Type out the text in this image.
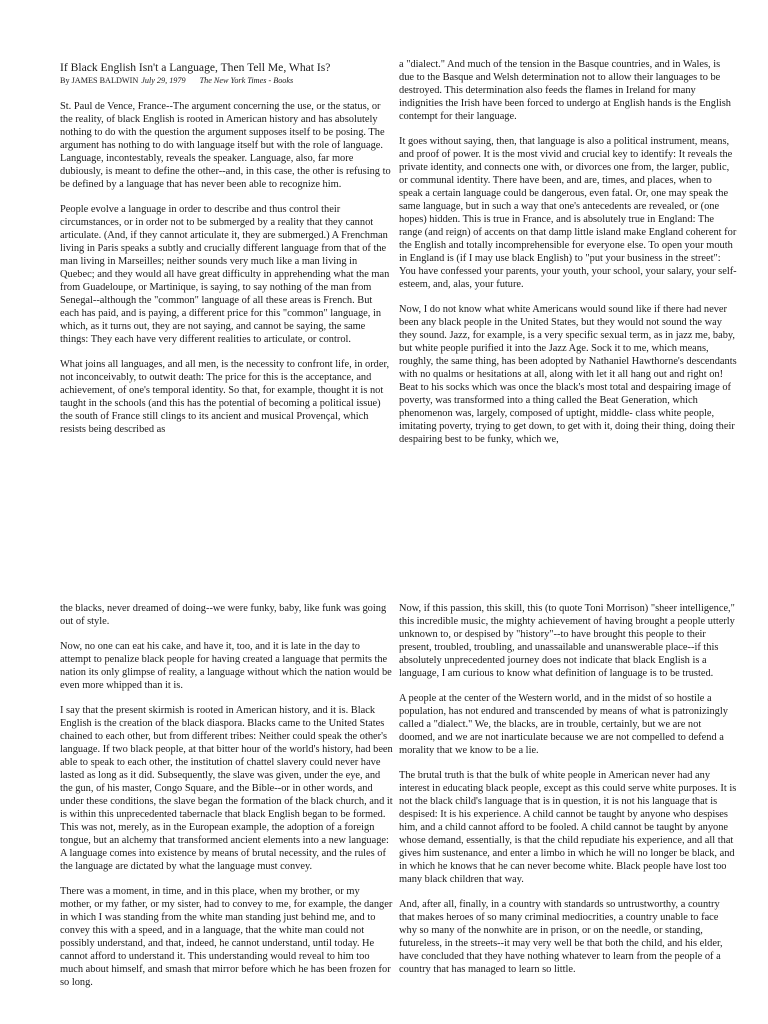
If Black English Isn't a Language, Then Tell Me, What Is?
By JAMES BALDWIN July 29, 1979 The New York Times - Books

St. Paul de Vence, France--The argument concerning the use, or the status, or the reality, of black English is rooted in American history and has absolutely nothing to do with the question the argument supposes itself to be posing. The argument has nothing to do with language itself but with the role of language. Language, incontestably, reveals the speaker. Language, also, far more dubiously, is meant to define the other--and, in this case, the other is refusing to be defined by a language that has never been able to recognize him.

People evolve a language in order to describe and thus control their circumstances, or in order not to be submerged by a reality that they cannot articulate. (And, if they cannot articulate it, they are submerged.) A Frenchman living in Paris speaks a subtly and crucially different language from that of the man living in Marseilles; neither sounds very much like a man living in Quebec; and they would all have great difficulty in apprehending what the man from Guadeloupe, or Martinique, is saying, to say nothing of the man from Senegal--although the "common" language of all these areas is French. But each has paid, and is paying, a different price for this "common" language, in which, as it turns out, they are not saying, and cannot be saying, the same things: They each have very different realities to articulate, or control.

What joins all languages, and all men, is the necessity to confront life, in order, not inconceivably, to outwit death: The price for this is the acceptance, and achievement, of one's temporal identity. So that, for example, thought it is not taught in the schools (and this has the potential of becoming a political issue) the south of France still clings to its ancient and musical Provençal, which resists being described as

a "dialect." And much of the tension in the Basque countries, and in Wales, is due to the Basque and Welsh determination not to allow their languages to be destroyed. This determination also feeds the flames in Ireland for many indignities the Irish have been forced to undergo at English hands is the English contempt for their language.

It goes without saying, then, that language is also a political instrument, means, and proof of power. It is the most vivid and crucial key to identify: It reveals the private identity, and connects one with, or divorces one from, the larger, public, or communal identity. There have been, and are, times, and places, when to speak a certain language could be dangerous, even fatal. Or, one may speak the same language, but in such a way that one's antecedents are revealed, or (one hopes) hidden. This is true in France, and is absolutely true in England: The range (and reign) of accents on that damp little island make England coherent for the English and totally incomprehensible for everyone else. To open your mouth in England is (if I may use black English) to "put your business in the street": You have confessed your parents, your youth, your school, your salary, your self-esteem, and, alas, your future.

Now, I do not know what white Americans would sound like if there had never been any black people in the United States, but they would not sound the way they sound. Jazz, for example, is a very specific sexual term, as in jazz me, baby, but white people purified it into the Jazz Age. Sock it to me, which means, roughly, the same thing, has been adopted by Nathaniel Hawthorne's descendants with no qualms or hesitations at all, along with let it all hang out and right on! Beat to his socks which was once the black's most total and despairing image of poverty, was transformed into a thing called the Beat Generation, which phenomenon was, largely, composed of uptight, middle- class white people, imitating poverty, trying to get down, to get with it, doing their thing, doing their despairing best to be funky, which we,

the blacks, never dreamed of doing--we were funky, baby, like funk was going out of style.

Now, no one can eat his cake, and have it, too, and it is late in the day to attempt to penalize black people for having created a language that permits the nation its only glimpse of reality, a language without which the nation would be even more whipped than it is.

I say that the present skirmish is rooted in American history, and it is. Black English is the creation of the black diaspora. Blacks came to the United States chained to each other, but from different tribes: Neither could speak the other's language. If two black people, at that bitter hour of the world's history, had been able to speak to each other, the institution of chattel slavery could never have lasted as long as it did. Subsequently, the slave was given, under the eye, and the gun, of his master, Congo Square, and the Bible--or in other words, and under these conditions, the slave began the formation of the black church, and it is within this unprecedented tabernacle that black English began to be formed. This was not, merely, as in the European example, the adoption of a foreign tongue, but an alchemy that transformed ancient elements into a new language: A language comes into existence by means of brutal necessity, and the rules of the language are dictated by what the language must convey.

There was a moment, in time, and in this place, when my brother, or my mother, or my father, or my sister, had to convey to me, for example, the danger in which I was standing from the white man standing just behind me, and to convey this with a speed, and in a language, that the white man could not possibly understand, and that, indeed, he cannot understand, until today. He cannot afford to understand it. This understanding would reveal to him too much about himself, and smash that mirror before which he has been frozen for so long.

Now, if this passion, this skill, this (to quote Toni Morrison) "sheer intelligence," this incredible music, the mighty achievement of having brought a people utterly unknown to, or despised by "history"--to have brought this people to their present, troubled, troubling, and unassailable and unanswerable place--if this absolutely unprecedented journey does not indicate that black English is a language, I am curious to know what definition of language is to be trusted.

A people at the center of the Western world, and in the midst of so hostile a population, has not endured and transcended by means of what is patronizingly called a "dialect." We, the blacks, are in trouble, certainly, but we are not doomed, and we are not inarticulate because we are not compelled to defend a morality that we know to be a lie.

The brutal truth is that the bulk of white people in American never had any interest in educating black people, except as this could serve white purposes. It is not the black child's language that is in question, it is not his language that is despised: It is his experience. A child cannot be taught by anyone who despises him, and a child cannot afford to be fooled. A child cannot be taught by anyone whose demand, essentially, is that the child repudiate his experience, and all that gives him sustenance, and enter a limbo in which he will no longer be black, and in which he knows that he can never become white. Black people have lost too many black children that way.

And, after all, finally, in a country with standards so untrustworthy, a country that makes heroes of so many criminal mediocrities, a country unable to face why so many of the nonwhite are in prison, or on the needle, or standing, futureless, in the streets--it may very well be that both the child, and his elder, have concluded that they have nothing whatever to learn from the people of a country that has managed to learn so little.
